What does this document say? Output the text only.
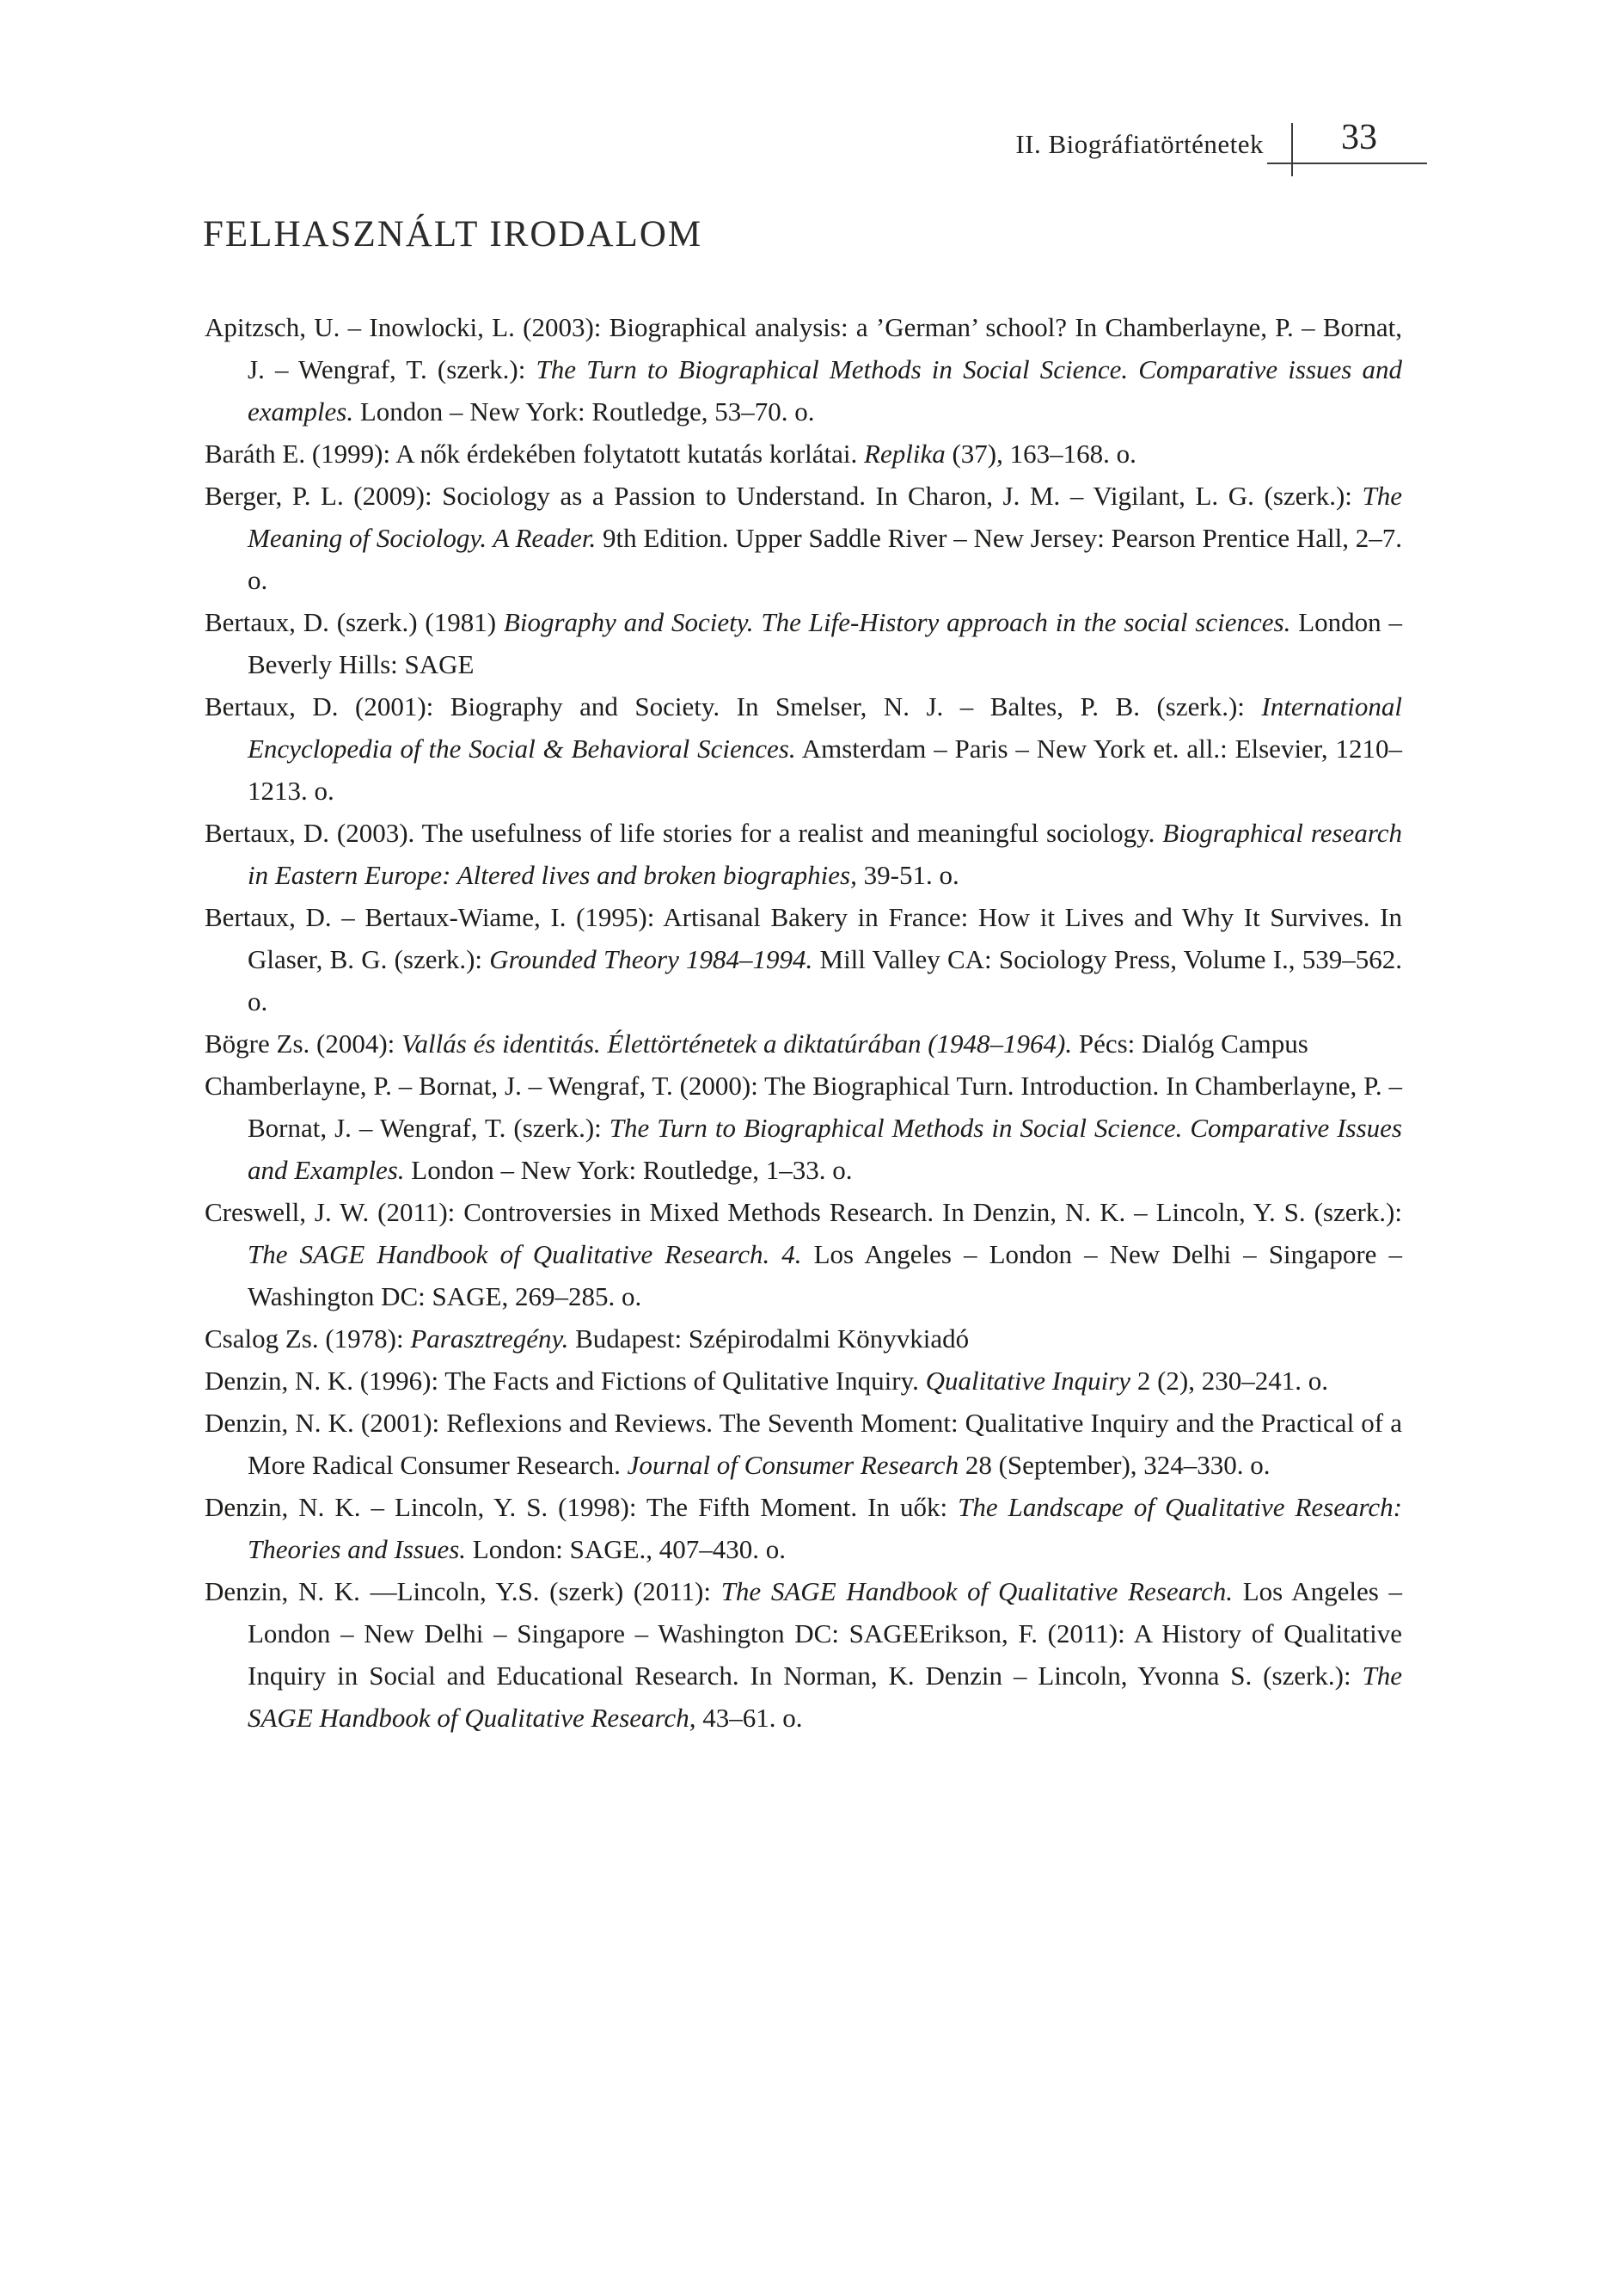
II. Biográfiatörténetek	33
FELHASZNÁLT IRODALOM
Apitzsch, U. – Inowlocki, L. (2003): Biographical analysis: a ’German’ school? In Chamberlayne, P. – Bornat, J. – Wengraf, T. (szerk.): The Turn to Biographical Methods in Social Science. Comparative issues and examples. London – New York: Routledge, 53–70. o.
Baráth E. (1999): A nők érdekében folytatott kutatás korlátai. Replika (37), 163–168. o.
Berger, P. L. (2009): Sociology as a Passion to Understand. In Charon, J. M. – Vigilant, L. G. (szerk.): The Meaning of Sociology. A Reader. 9th Edition. Upper Saddle River – New Jersey: Pearson Prentice Hall, 2–7. o.
Bertaux, D. (szerk.) (1981) Biography and Society. The Life-History approach in the social sciences. London – Beverly Hills: SAGE
Bertaux, D. (2001): Biography and Society. In Smelser, N. J. – Baltes, P. B. (szerk.): International Encyclopedia of the Social & Behavioral Sciences. Amsterdam – Paris – New York et. all.: Elsevier, 1210–1213. o.
Bertaux, D. (2003). The usefulness of life stories for a realist and meaningful sociology. Biographical research in Eastern Europe: Altered lives and broken biographies, 39-51. o.
Bertaux, D. – Bertaux-Wiame, I. (1995): Artisanal Bakery in France: How it Lives and Why It Survives. In Glaser, B. G. (szerk.): Grounded Theory 1984–1994. Mill Valley CA: Sociology Press, Volume I., 539–562. o.
Bögre Zs. (2004): Vallás és identitás. Élettörténetek a diktatúrában (1948–1964). Pécs: Dialóg Campus
Chamberlayne, P. – Bornat, J. – Wengraf, T. (2000): The Biographical Turn. Introduction. In Chamberlayne, P. – Bornat, J. – Wengraf, T. (szerk.): The Turn to Biographical Methods in Social Science. Comparative Issues and Examples. London – New York: Routledge, 1–33. o.
Creswell, J. W. (2011): Controversies in Mixed Methods Research. In Denzin, N. K. – Lincoln, Y. S. (szerk.): The SAGE Handbook of Qualitative Research. 4. Los Angeles – London – New Delhi – Singapore – Washington DC: SAGE, 269–285. o.
Csalog Zs. (1978): Parasztregény. Budapest: Szépirodalmi Könyvkiadó
Denzin, N. K. (1996): The Facts and Fictions of Qulitative Inquiry. Qualitative Inquiry 2 (2), 230–241. o.
Denzin, N. K. (2001): Reflexions and Reviews. The Seventh Moment: Qualitative Inquiry and the Practical of a More Radical Consumer Research. Journal of Consumer Research 28 (September), 324–330. o.
Denzin, N. K. – Lincoln, Y. S. (1998): The Fifth Moment. In uők: The Landscape of Qualitative Research: Theories and Issues. London: SAGE., 407–430. o.
Denzin, N. K. —Lincoln, Y.S. (szerk) (2011): The SAGE Handbook of Qualitative Research. Los Angeles – London – New Delhi – Singapore – Washington DC: SAGEErikson, F. (2011): A History of Qualitative Inquiry in Social and Educational Research. In Norman, K. Denzin – Lincoln, Yvonna S. (szerk.): The SAGE Handbook of Qualitative Research, 43–61. o.
